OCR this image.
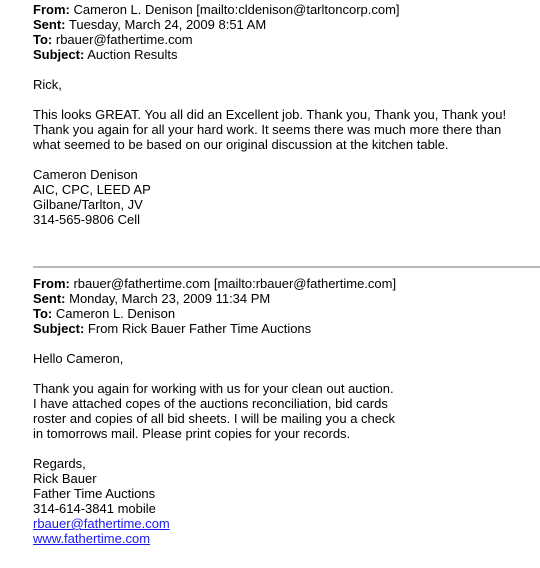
From: Cameron L. Denison [mailto:cldenison@tarltoncorp.com]
Sent: Tuesday, March 24, 2009 8:51 AM
To: rbauer@fathertime.com
Subject: Auction Results
Rick,
This looks GREAT. You all did an Excellent job. Thank you, Thank you, Thank you!
Thank you again for all your hard work. It seems there was much more there than
what seemed to be based on our original discussion at the kitchen table.
Cameron Denison
AIC, CPC, LEED AP
Gilbane/Tarlton, JV
314-565-9806 Cell
From: rbauer@fathertime.com [mailto:rbauer@fathertime.com]
Sent: Monday, March 23, 2009 11:34 PM
To: Cameron L. Denison
Subject: From Rick Bauer Father Time Auctions
Hello Cameron,
Thank you again for working with us for your clean out auction.
I have attached copes of the auctions reconciliation, bid cards
roster and copies of all bid sheets. I will be mailing you a check
in tomorrows mail. Please print copies for your records.
Regards,
Rick Bauer
Father Time Auctions
314-614-3841 mobile
rbauer@fathertime.com
www.fathertime.com
